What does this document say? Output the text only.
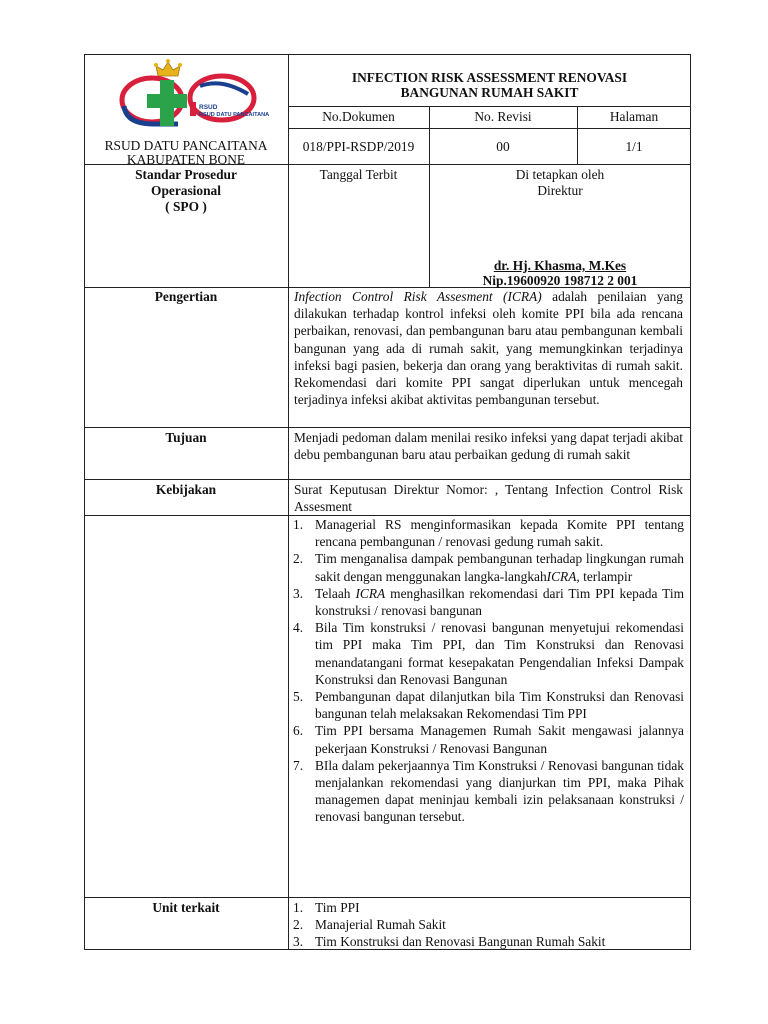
RSUD
RSUD DATU PANCAITANA
RSUD DATU PANCAITANA
KABUPATEN BONE
INFECTION RISK ASSESSMENT RENOVASI
BANGUNAN RUMAH SAKIT
No.Dokumen	No. Revisi	Halaman
018/PPI-RSDP/2019	00	1/1
Standar Prosedur
Operasional
( SPO )
Tanggal Terbit	Di tetapkan oleh
Direktur
dr. Hj. Khasma, M.Kes
Nip.19600920 198712 2 001
Pengertian	Infection Control Risk Assesment (ICRA) adalah penilaian yang dilakukan terhadap kontrol infeksi oleh komite PPI bila ada rencana perbaikan, renovasi, dan pembangunan baru atau pembangunan kembali bangunan yang ada di rumah sakit, yang memungkinkan terjadinya infeksi bagi pasien, bekerja dan orang yang beraktivitas di rumah sakit. Rekomendasi dari komite PPI sangat diperlukan untuk mencegah terjadinya infeksi akibat aktivitas pembangunan tersebut.
Tujuan	Menjadi pedoman dalam menilai resiko infeksi yang dapat terjadi akibat debu pembangunan baru atau perbaikan gedung di rumah sakit
Kebijakan	Surat Keputusan Direktur Nomor: , Tentang Infection Control Risk Assesment
1. Managerial RS menginformasikan kepada Komite PPI tentang rencana pembangunan / renovasi gedung rumah sakit.
2. Tim menganalisa dampak pembangunan terhadap lingkungan rumah sakit dengan menggunakan langka-langkahICRA, terlampir
3. Telaah ICRA menghasilkan rekomendasi dari Tim PPI kepada Tim konstruksi / renovasi bangunan
4. Bila Tim konstruksi / renovasi bangunan menyetujui rekomendasi tim PPI maka Tim PPI, dan Tim Konstruksi dan Renovasi menandatangani format kesepakatan Pengendalian Infeksi Dampak Konstruksi dan Renovasi Bangunan
5. Pembangunan dapat dilanjutkan bila Tim Konstruksi dan Renovasi bangunan telah melaksakan Rekomendasi Tim PPI
6. Tim PPI bersama Managemen Rumah Sakit mengawasi jalannya pekerjaan Konstruksi / Renovasi Bangunan
7. BIla dalam pekerjaannya Tim Konstruksi / Renovasi bangunan tidak menjalankan rekomendasi yang dianjurkan tim PPI, maka Pihak managemen dapat meninjau kembali izin pelaksanaan konstruksi / renovasi bangunan tersebut.
Unit terkait	1. Tim PPI
2. Manajerial Rumah Sakit
3. Tim Konstruksi dan Renovasi Bangunan Rumah Sakit
